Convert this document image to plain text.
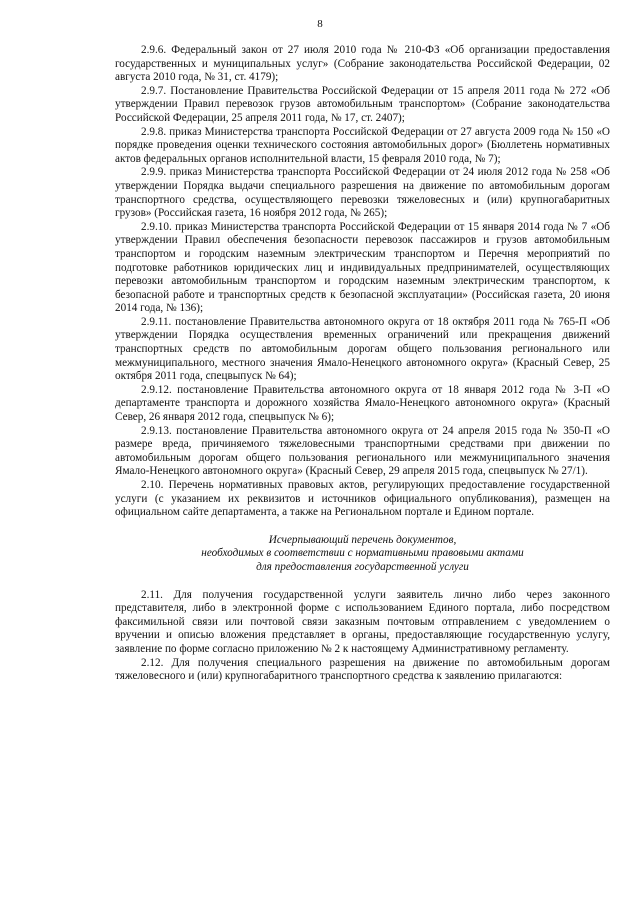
8

2.9.6. Федеральный закон от 27 июля 2010 года № 210-ФЗ «Об организации предоставления государственных и муниципальных услуг» (Собрание законодательства Российской Федерации, 02 августа 2010 года, № 31, ст. 4179);

2.9.7. Постановление Правительства Российской Федерации от 15 апреля 2011 года № 272 «Об утверждении Правил перевозок грузов автомобильным транспортом» (Собрание законодательства Российской Федерации, 25 апреля 2011 года, № 17, ст. 2407);

2.9.8. приказ Министерства транспорта Российской Федерации от 27 августа 2009 года № 150 «О порядке проведения оценки технического состояния автомобильных дорог» (Бюллетень нормативных актов федеральных органов исполнительной власти, 15 февраля 2010 года, № 7);

2.9.9. приказ Министерства транспорта Российской Федерации от 24 июля 2012 года № 258 «Об утверждении Порядка выдачи специального разрешения на движение по автомобильным дорогам транспортного средства, осуществляющего перевозки тяжеловесных и (или) крупногабаритных грузов» (Российская газета, 16 ноября 2012 года, № 265);

2.9.10. приказ Министерства транспорта Российской Федерации от 15 января 2014 года № 7 «Об утверждении Правил обеспечения безопасности перевозок пассажиров и грузов автомобильным транспортом и городским наземным электрическим транспортом и Перечня мероприятий по подготовке работников юридических лиц и индивидуальных предпринимателей, осуществляющих перевозки автомобильным транспортом и городским наземным электрическим транспортом, к безопасной работе и транспортных средств к безопасной эксплуатации» (Российская газета, 20 июня 2014 года, № 136);

2.9.11. постановление Правительства автономного округа от 18 октября 2011 года № 765-П «Об утверждении Порядка осуществления временных ограничений или прекращения движений транспортных средств по автомобильным дорогам общего пользования регионального или межмуниципального, местного значения Ямало-Ненецкого автономного округа» (Красный Север, 25 октября 2011 года, спецвыпуск № 64);

2.9.12. постановление Правительства автономного округа от 18 января 2012 года № 3-П «О департаменте транспорта и дорожного хозяйства Ямало-Ненецкого автономного округа» (Красный Север, 26 января 2012 года, спецвыпуск № 6);

2.9.13. постановление Правительства автономного округа от 24 апреля 2015 года № 350-П «О размере вреда, причиняемого тяжеловесными транспортными средствами при движении по автомобильным дорогам общего пользования регионального или межмуниципального значения Ямало-Ненецкого автономного округа» (Красный Север, 29 апреля 2015 года, спецвыпуск № 27/1).

2.10. Перечень нормативных правовых актов, регулирующих предоставление государственной услуги (с указанием их реквизитов и источников официального опубликования), размещен на официальном сайте департамента, а также на Региональном портале и Едином портале.

Исчерпывающий перечень документов,
необходимых в соответствии с нормативными правовыми актами
для предоставления государственной услуги

2.11. Для получения государственной услуги заявитель лично либо через законного представителя, либо в электронной форме с использованием Единого портала, либо посредством факсимильной связи или почтовой связи заказным почтовым отправлением с уведомлением о вручении и описью вложения представляет в органы, предоставляющие государственную услугу, заявление по форме согласно приложению № 2 к настоящему Административному регламенту.

2.12. Для получения специального разрешения на движение по автомобильным дорогам тяжеловесного и (или) крупногабаритного транспортного средства к заявлению прилагаются:
